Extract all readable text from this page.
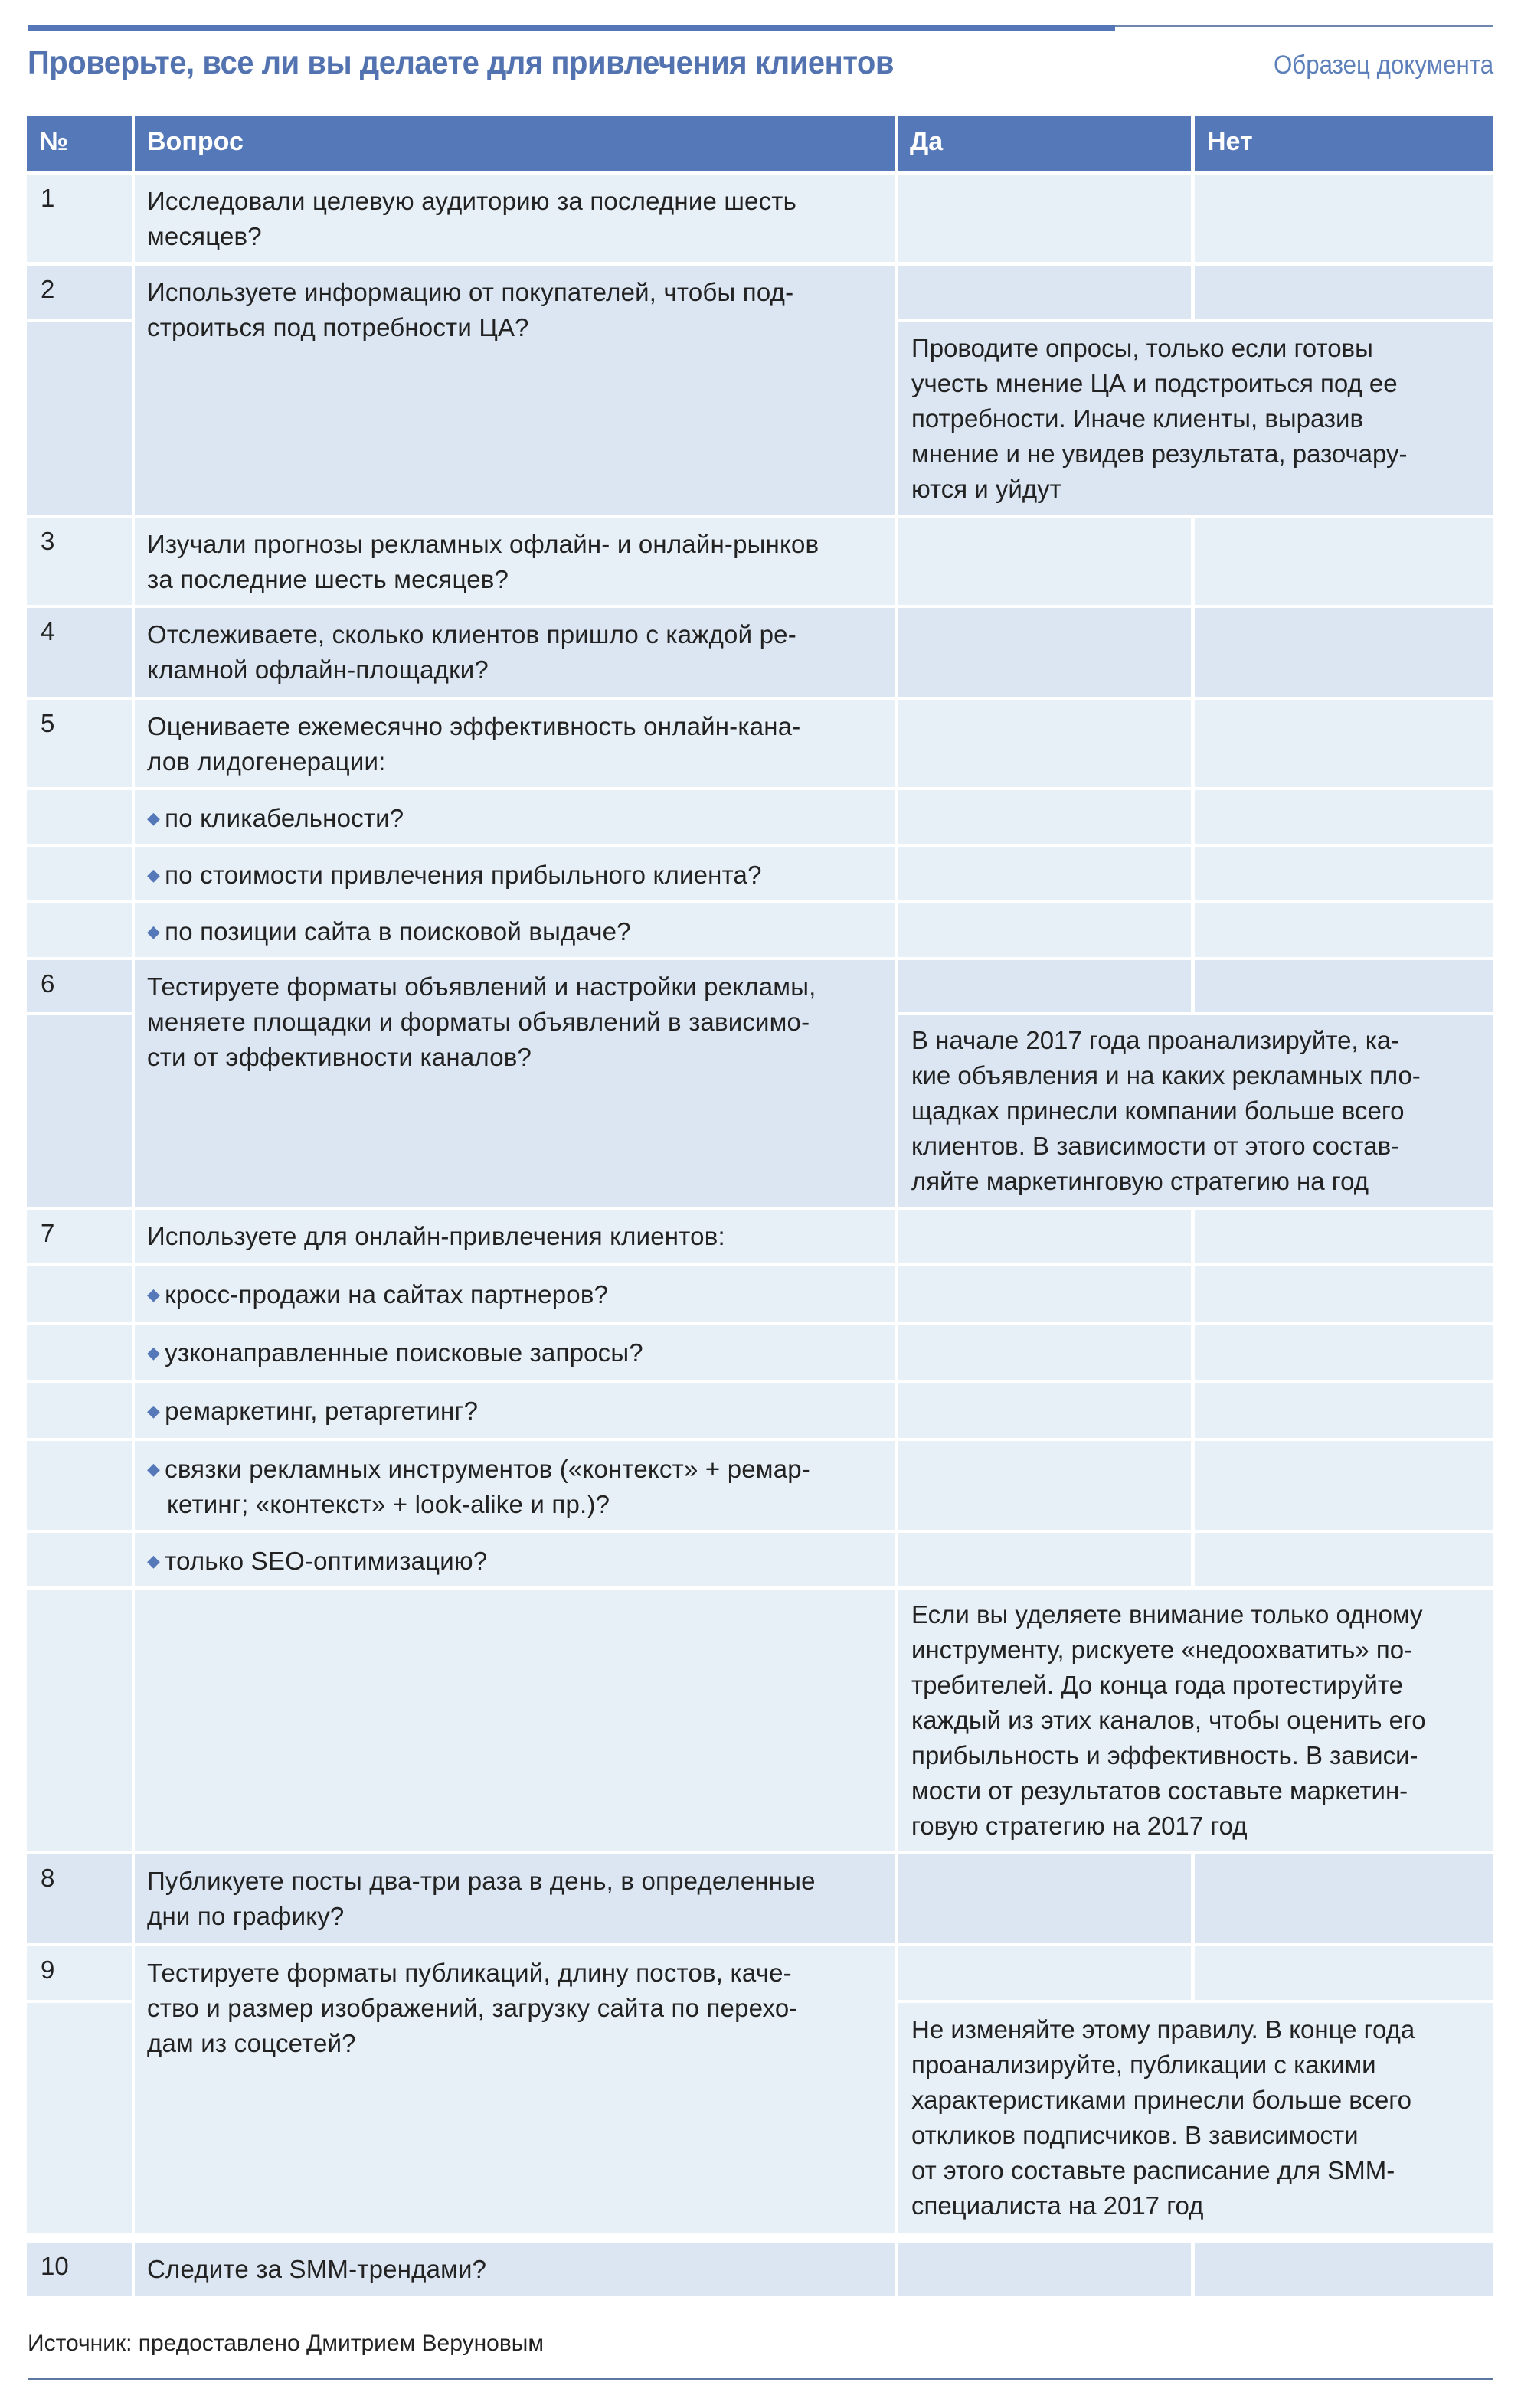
Проверьте, все ли вы делаете для привлечения клиентов	Образец документа
№	Вопрос	Да	Нет
1	Исследовали целевую аудиторию за последние шесть
месяцев?
2	Используете информацию от покупателей, чтобы под-
строиться под потребности ЦА?
Проводите опросы, только если готовы
учесть мнение ЦА и подстроиться под ее
потребности. Иначе клиенты, выразив
мнение и не увидев результата, разочару-
ются и уйдут
3	Изучали прогнозы рекламных офлайн- и онлайн-рынков
за последние шесть месяцев?
4	Отслеживаете, сколько клиентов пришло с каждой ре-
кламной офлайн-площадки?
5	Оцениваете ежемесячно эффективность онлайн-кана-
лов лидогенерации:
◆ по кликабельности?
◆ по стоимости привлечения прибыльного клиента?
◆ по позиции сайта в поисковой выдаче?
6	Тестируете форматы объявлений и настройки рекламы,
меняете площадки и форматы объявлений в зависимо-
сти от эффективности каналов?
В начале 2017 года проанализируйте, ка-
кие объявления и на каких рекламных пло-
щадках принесли компании больше всего
клиентов. В зависимости от этого состав-
ляйте маркетинговую стратегию на год
7	Используете для онлайн-привлечения клиентов:
◆ кросс-продажи на сайтах партнеров?
◆ узконаправленные поисковые запросы?
◆ ремаркетинг, ретаргетинг?
◆ связки рекламных инструментов («контекст» + ремар-
кетинг; «контекст» + look-alike и пр.)?
◆ только SEO-оптимизацию?
Если вы уделяете внимание только одному
инструменту, рискуете «недоохватить» по-
требителей. До конца года протестируйте
каждый из этих каналов, чтобы оценить его
прибыльность и эффективность. В зависи-
мости от результатов составьте маркетин-
говую стратегию на 2017 год
8	Публикуете посты два-три раза в день, в определенные
дни по графику?
9	Тестируете форматы публикаций, длину постов, каче-
ство и размер изображений, загрузку сайта по перехо-
дам из соцсетей?	Не изменяйте этому правилу. В конце года
проанализируйте, публикации с какими
характеристиками принесли больше всего
откликов подписчиков. В зависимости
от этого составьте расписание для SMM-
специалиста на 2017 год
10	Следите за SMM-трендами?
Источник: предоставлено Дмитрием Веруновым
